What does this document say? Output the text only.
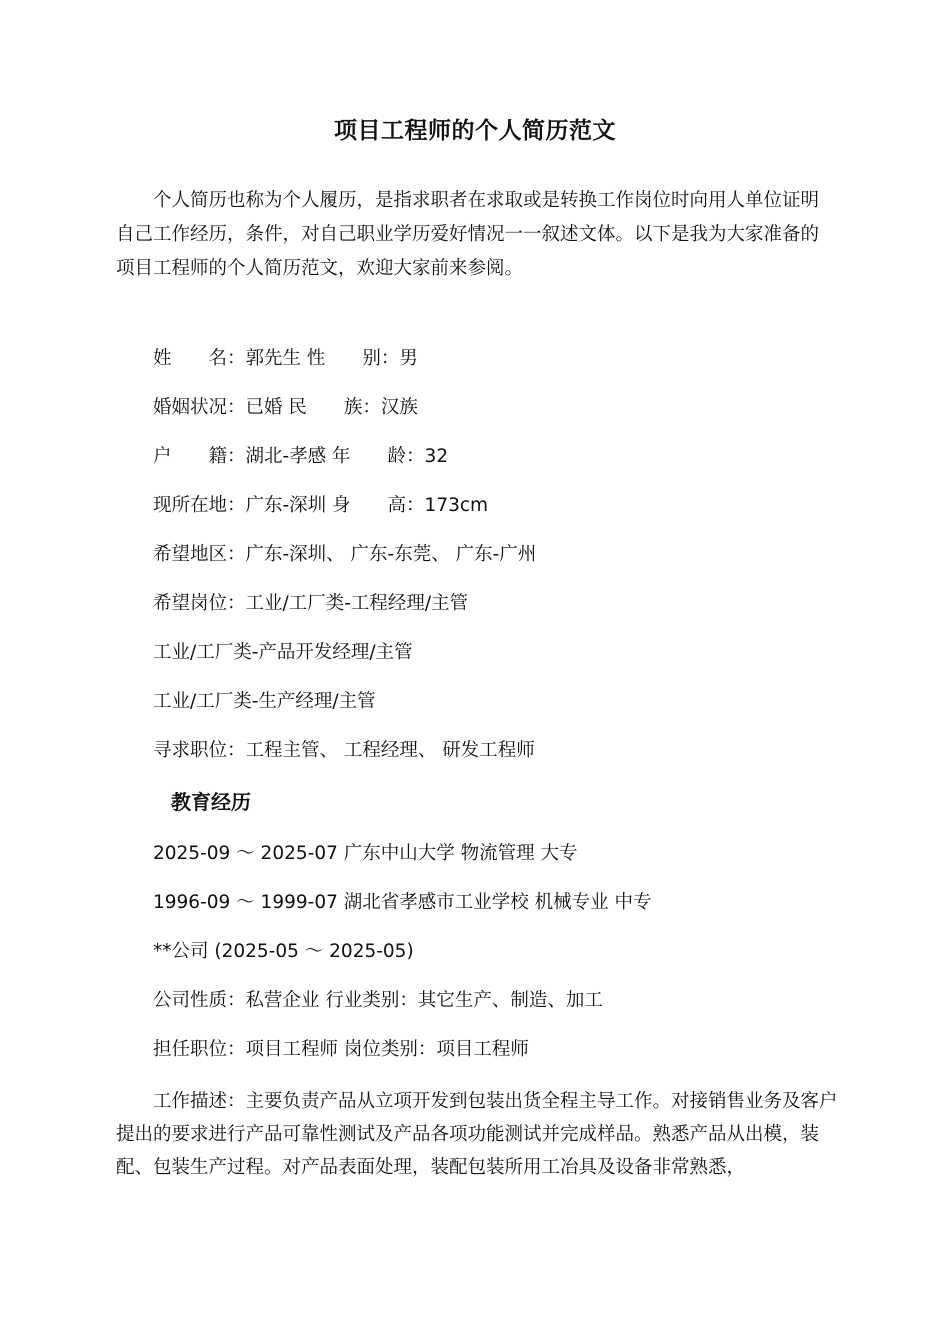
项目工程师的个人简历范文

个人简历也称为个人履历，是指求职者在求取或是转换工作岗位时向用人单位证明自己工作经历，条件，对自己职业学历爱好情况一一叙述文体。以下是我为大家准备的项目工程师的个人简历范文，欢迎大家前来参阅。

姓　　名：郭先生 性　　别：男
婚姻状况：已婚 民　　族：汉族
户　　籍：湖北-孝感 年　　龄：32
现所在地：广东-深圳 身　　高：173cm
希望地区：广东-深圳、 广东-东莞、 广东-广州
希望岗位：工业/工厂类-工程经理/主管
工业/工厂类-产品开发经理/主管
工业/工厂类-生产经理/主管
寻求职位：工程主管、 工程经理、 研发工程师
教育经历
2025-09 ～ 2025-07 广东中山大学 物流管理 大专
1996-09 ～ 1999-07 湖北省孝感市工业学校 机械专业 中专
**公司 (2025-05 ～ 2025-05)
公司性质：私营企业 行业类别：其它生产、制造、加工
担任职位：项目工程师 岗位类别：项目工程师

工作描述：主要负责产品从立项开发到包装出货全程主导工作。对接销售业务及客户提出的要求进行产品可靠性测试及产品各项功能测试并完成样品。熟悉产品从出模，装配、包装生产过程。对产品表面处理，装配包装所用工冶具及设备非常熟悉，
